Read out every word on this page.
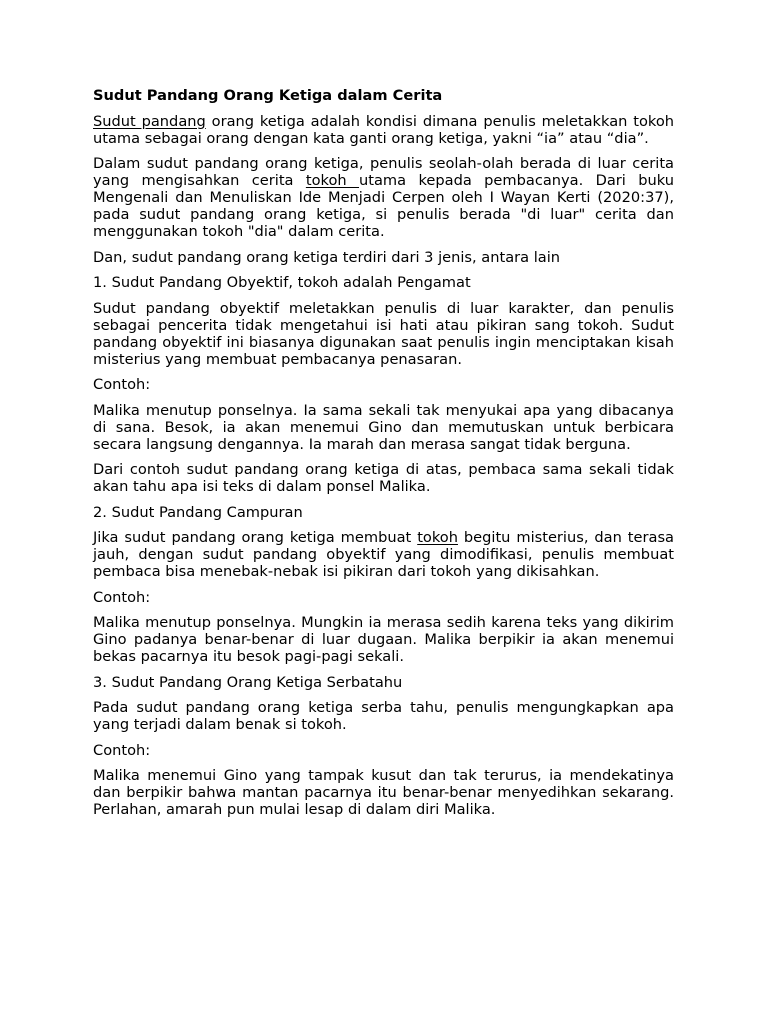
Sudut Pandang Orang Ketiga dalam Cerita

Sudut pandang orang ketiga adalah kondisi dimana penulis meletakkan tokoh utama sebagai orang dengan kata ganti orang ketiga, yakni “ia” atau “dia”.

Dalam sudut pandang orang ketiga, penulis seolah-olah berada di luar cerita yang mengisahkan cerita tokoh utama kepada pembacanya. Dari buku Mengenali dan Menuliskan Ide Menjadi Cerpen oleh I Wayan Kerti (2020:37), pada sudut pandang orang ketiga, si penulis berada "di luar" cerita dan menggunakan tokoh "dia" dalam cerita.

Dan, sudut pandang orang ketiga terdiri dari 3 jenis, antara lain

1. Sudut Pandang Obyektif, tokoh adalah Pengamat

Sudut pandang obyektif meletakkan penulis di luar karakter, dan penulis sebagai pencerita tidak mengetahui isi hati atau pikiran sang tokoh. Sudut pandang obyektif ini biasanya digunakan saat penulis ingin menciptakan kisah misterius yang membuat pembacanya penasaran.

Contoh:

Malika menutup ponselnya. Ia sama sekali tak menyukai apa yang dibacanya di sana. Besok, ia akan menemui Gino dan memutuskan untuk berbicara secara langsung dengannya. Ia marah dan merasa sangat tidak berguna.

Dari contoh sudut pandang orang ketiga di atas, pembaca sama sekali tidak akan tahu apa isi teks di dalam ponsel Malika.

2. Sudut Pandang Campuran

Jika sudut pandang orang ketiga membuat tokoh begitu misterius, dan terasa jauh, dengan sudut pandang obyektif yang dimodifikasi, penulis membuat pembaca bisa menebak-nebak isi pikiran dari tokoh yang dikisahkan.

Contoh:

Malika menutup ponselnya. Mungkin ia merasa sedih karena teks yang dikirim Gino padanya benar-benar di luar dugaan. Malika berpikir ia akan menemui bekas pacarnya itu besok pagi-pagi sekali.

3. Sudut Pandang Orang Ketiga Serbatahu

Pada sudut pandang orang ketiga serba tahu, penulis mengungkapkan apa yang terjadi dalam benak si tokoh.

Contoh:

Malika menemui Gino yang tampak kusut dan tak terurus, ia mendekatinya dan berpikir bahwa mantan pacarnya itu benar-benar menyedihkan sekarang. Perlahan, amarah pun mulai lesap di dalam diri Malika.
